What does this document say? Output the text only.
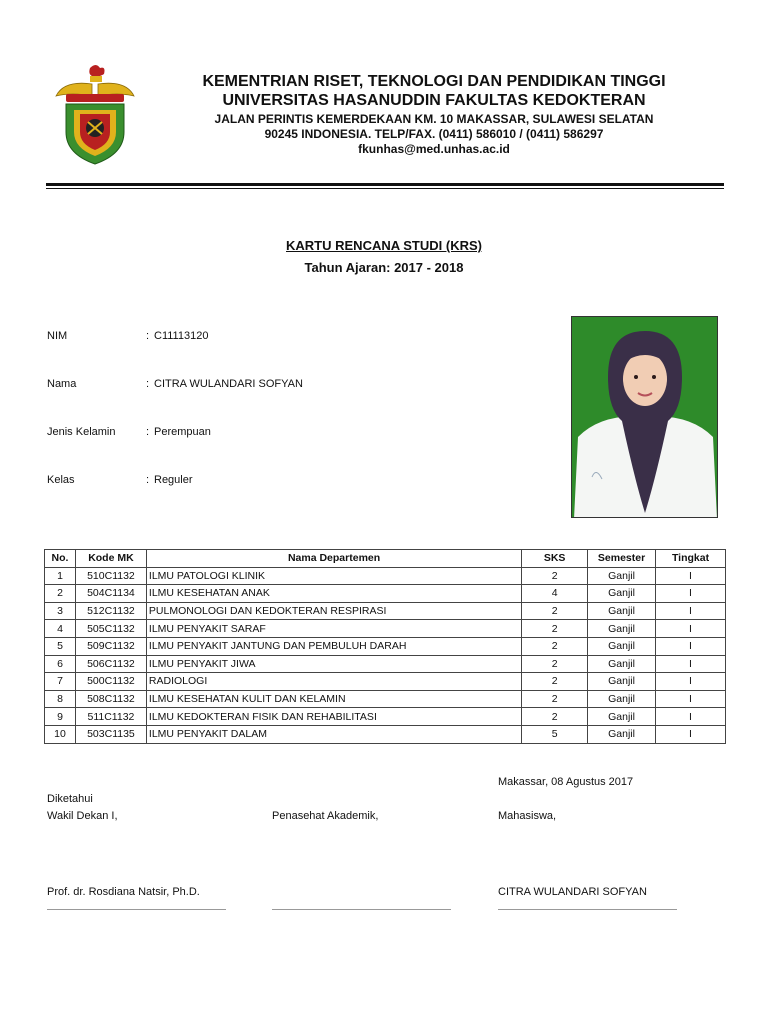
KEMENTRIAN RISET, TEKNOLOGI DAN PENDIDIKAN TINGGI
UNIVERSITAS HASANUDDIN FAKULTAS KEDOKTERAN
JALAN PERINTIS KEMERDEKAAN KM. 10 MAKASSAR, SULAWESI SELATAN
90245 INDONESIA. TELP/FAX. (0411) 586010 / (0411) 586297
fkunhas@med.unhas.ac.id
KARTU RENCANA STUDI (KRS)
Tahun Ajaran: 2017 - 2018
NIM	: C11113120
Nama	: CITRA WULANDARI SOFYAN
Jenis Kelamin	: Perempuan
Kelas	: Reguler
No.	Kode MK	Nama Departemen	SKS	Semester	Tingkat
1	510C1132	ILMU PATOLOGI KLINIK	2	Ganjil	I
2	504C1134	ILMU KESEHATAN ANAK	4	Ganjil	I
3	512C1132	PULMONOLOGI DAN KEDOKTERAN RESPIRASI	2	Ganjil	I
4	505C1132	ILMU PENYAKIT SARAF	2	Ganjil	I
5	509C1132	ILMU PENYAKIT JANTUNG DAN PEMBULUH DARAH	2	Ganjil	I
6	506C1132	ILMU PENYAKIT JIWA	2	Ganjil	I
7	500C1132	RADIOLOGI	2	Ganjil	I
8	508C1132	ILMU KESEHATAN KULIT DAN KELAMIN	2	Ganjil	I
9	511C1132	ILMU KEDOKTERAN FISIK DAN REHABILITASI	2	Ganjil	I
10	503C1135	ILMU PENYAKIT DALAM	5	Ganjil	I
Makassar, 08 Agustus 2017
Diketahui
Wakil Dekan I,	Penasehat Akademik,	Mahasiswa,
Prof. dr. Rosdiana Natsir, Ph.D.	CITRA WULANDARI SOFYAN
